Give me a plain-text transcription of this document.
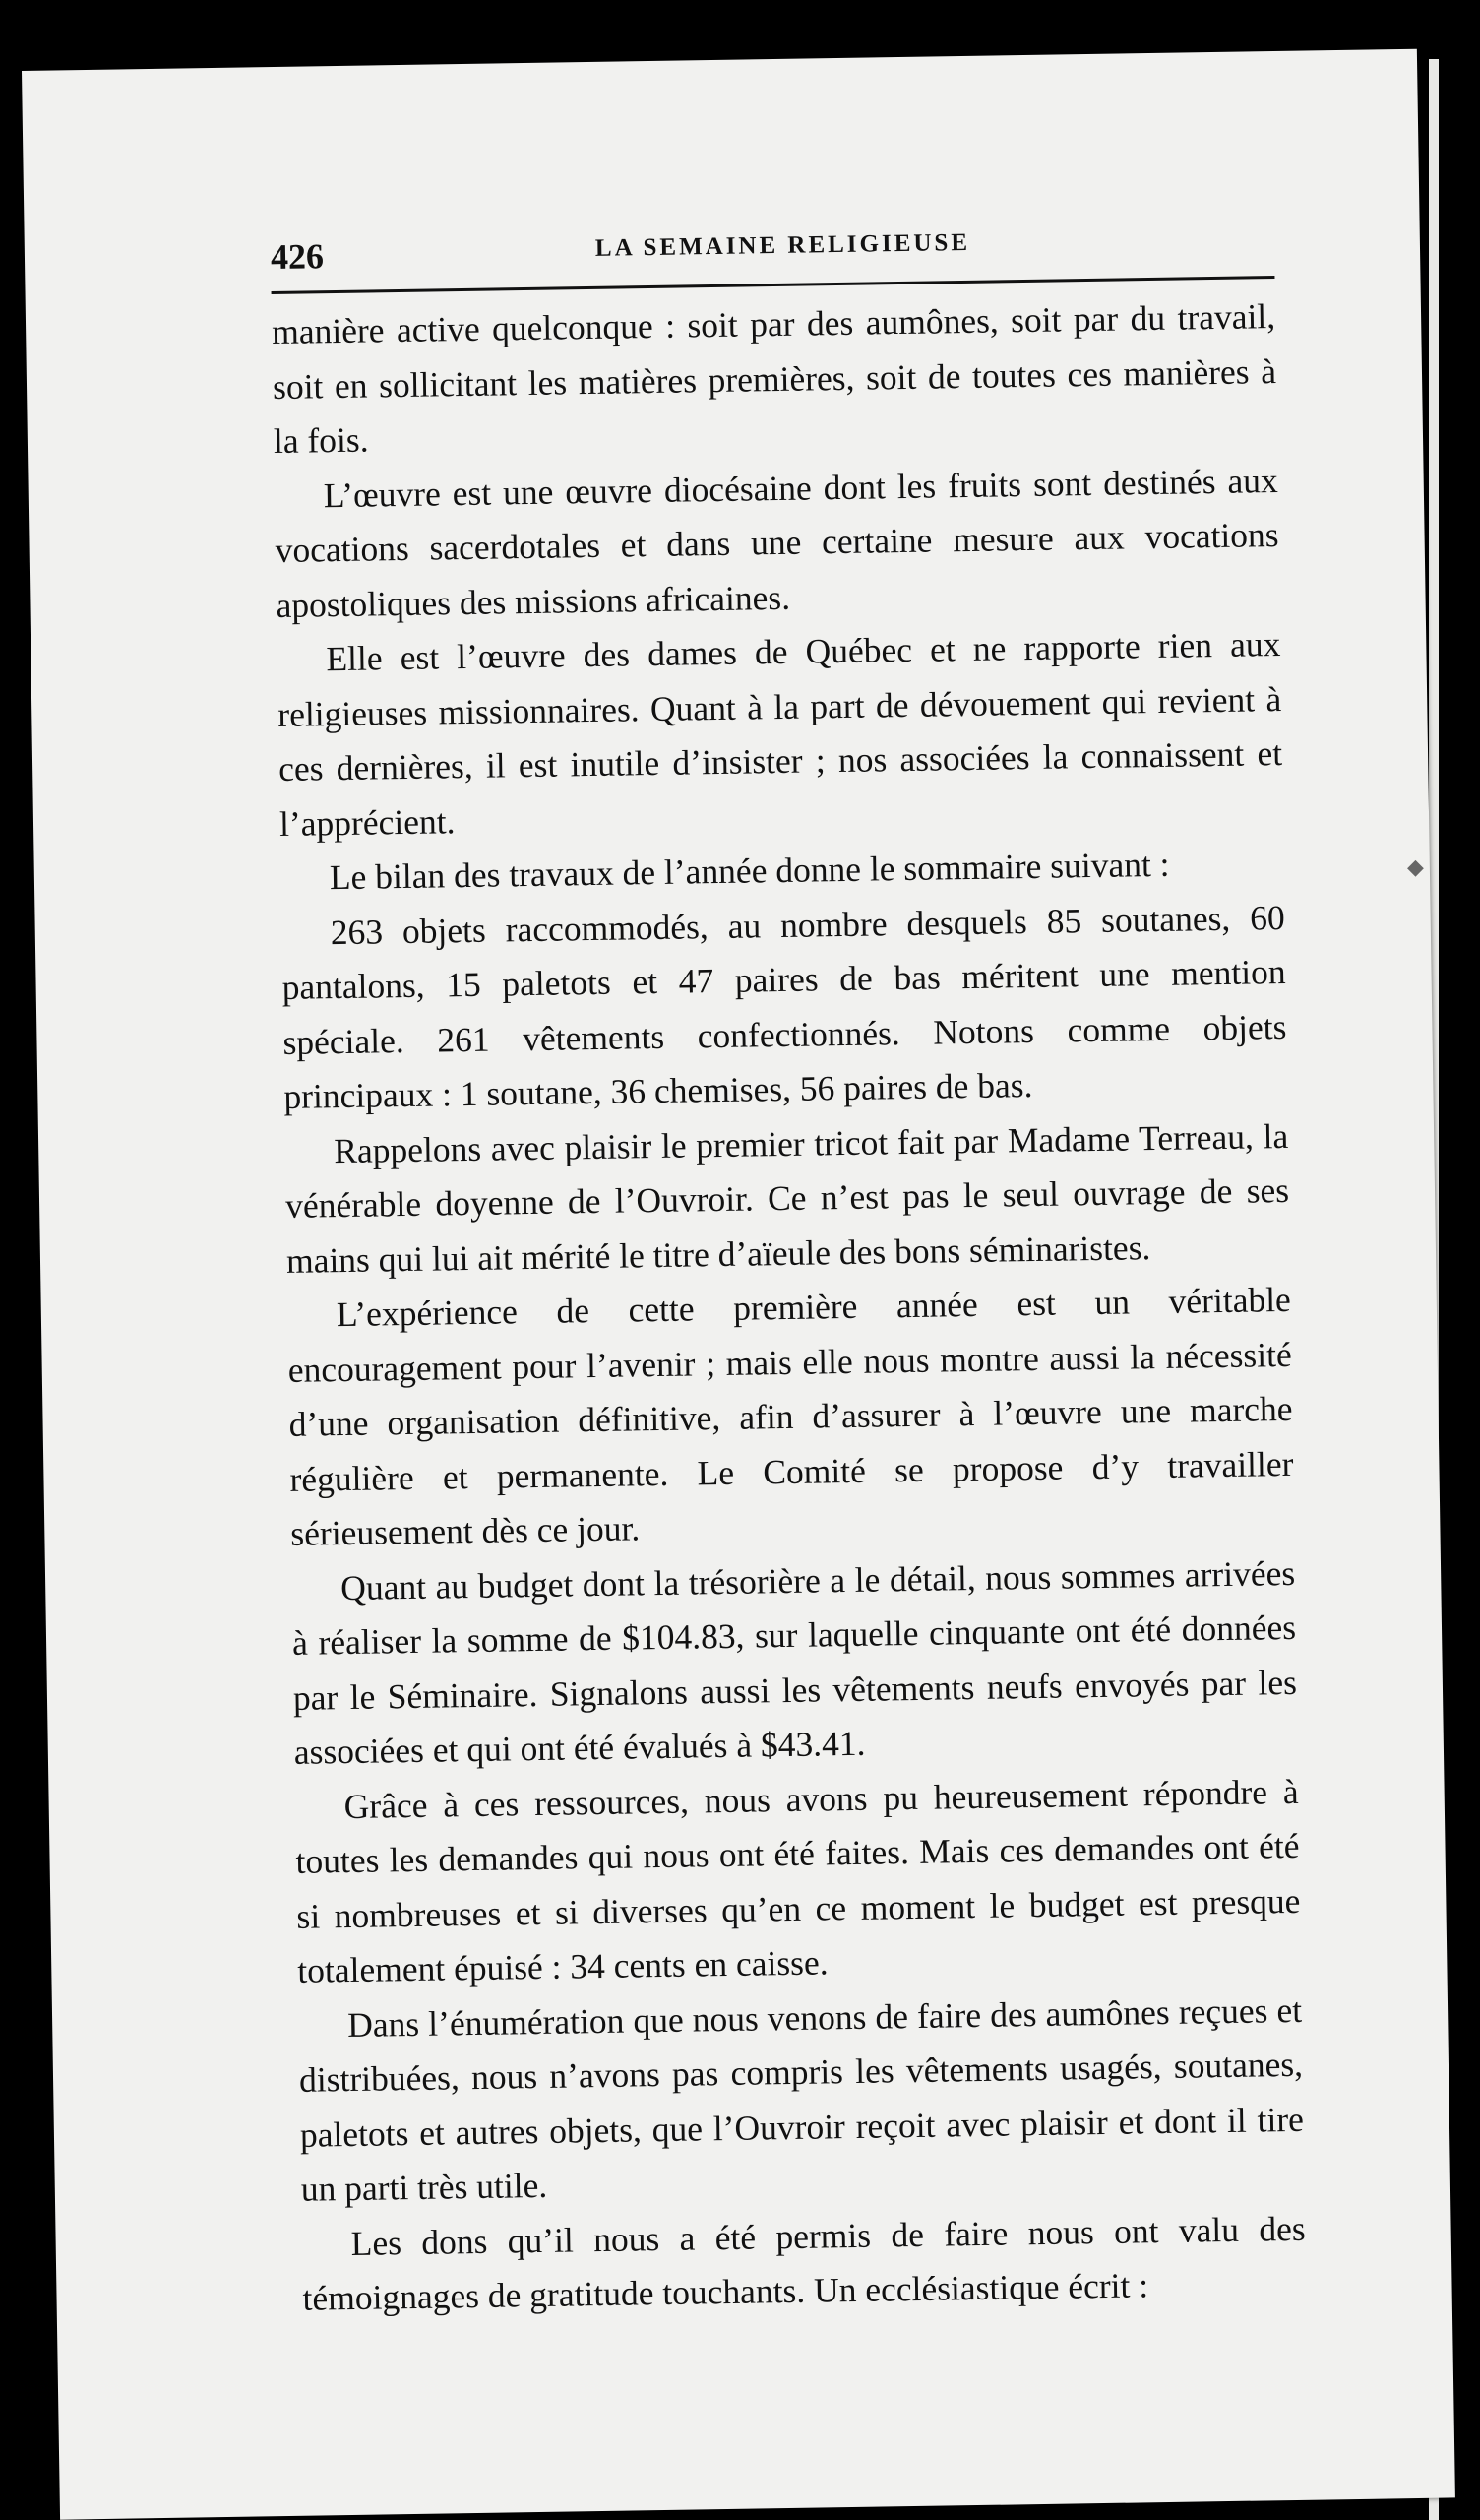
426	LA SEMAINE RELIGIEUSE

manière active quelconque : soit par des aumônes, soit par du travail, soit en sollicitant les matières premières, soit de toutes ces manières à la fois.

L’œuvre est une œuvre diocésaine dont les fruits sont destinés aux vocations sacerdotales et dans une certaine mesure aux vocations apostoliques des missions africaines.

Elle est l’œuvre des dames de Québec et ne rapporte rien aux religieuses missionnaires. Quant à la part de dévouement qui revient à ces dernières, il est inutile d’insister ; nos associées la connaissent et l’apprécient.

Le bilan des travaux de l’année donne le sommaire suivant :

263 objets raccommodés, au nombre desquels 85 soutanes, 60 pantalons, 15 paletots et 47 paires de bas méritent une mention spéciale. 261 vêtements confectionnés. Notons comme objets principaux : 1 soutane, 36 chemises, 56 paires de bas.

Rappelons avec plaisir le premier tricot fait par Madame Terreau, la vénérable doyenne de l’Ouvroir. Ce n’est pas le seul ouvrage de ses mains qui lui ait mérité le titre d’aïeule des bons séminaristes.

L’expérience de cette première année est un véritable encouragement pour l’avenir ; mais elle nous montre aussi la nécessité d’une organisation définitive, afin d’assurer à l’œuvre une marche régulière et permanente. Le Comité se propose d’y travailler sérieusement dès ce jour.

Quant au budget dont la trésorière a le détail, nous sommes arrivées à réaliser la somme de $104.83, sur laquelle cinquante ont été données par le Séminaire. Signalons aussi les vêtements neufs envoyés par les associées et qui ont été évalués à $43.41.

Grâce à ces ressources, nous avons pu heureusement répondre à toutes les demandes qui nous ont été faites. Mais ces demandes ont été si nombreuses et si diverses qu’en ce moment le budget est presque totalement épuisé : 34 cents en caisse.

Dans l’énumération que nous venons de faire des aumônes reçues et distribuées, nous n’avons pas compris les vêtements usagés, soutanes, paletots et autres objets, que l’Ouvroir reçoit avec plaisir et dont il tire un parti très utile.

Les dons qu’il nous a été permis de faire nous ont valu des témoignages de gratitude touchants. Un ecclésiastique écrit :

◆
